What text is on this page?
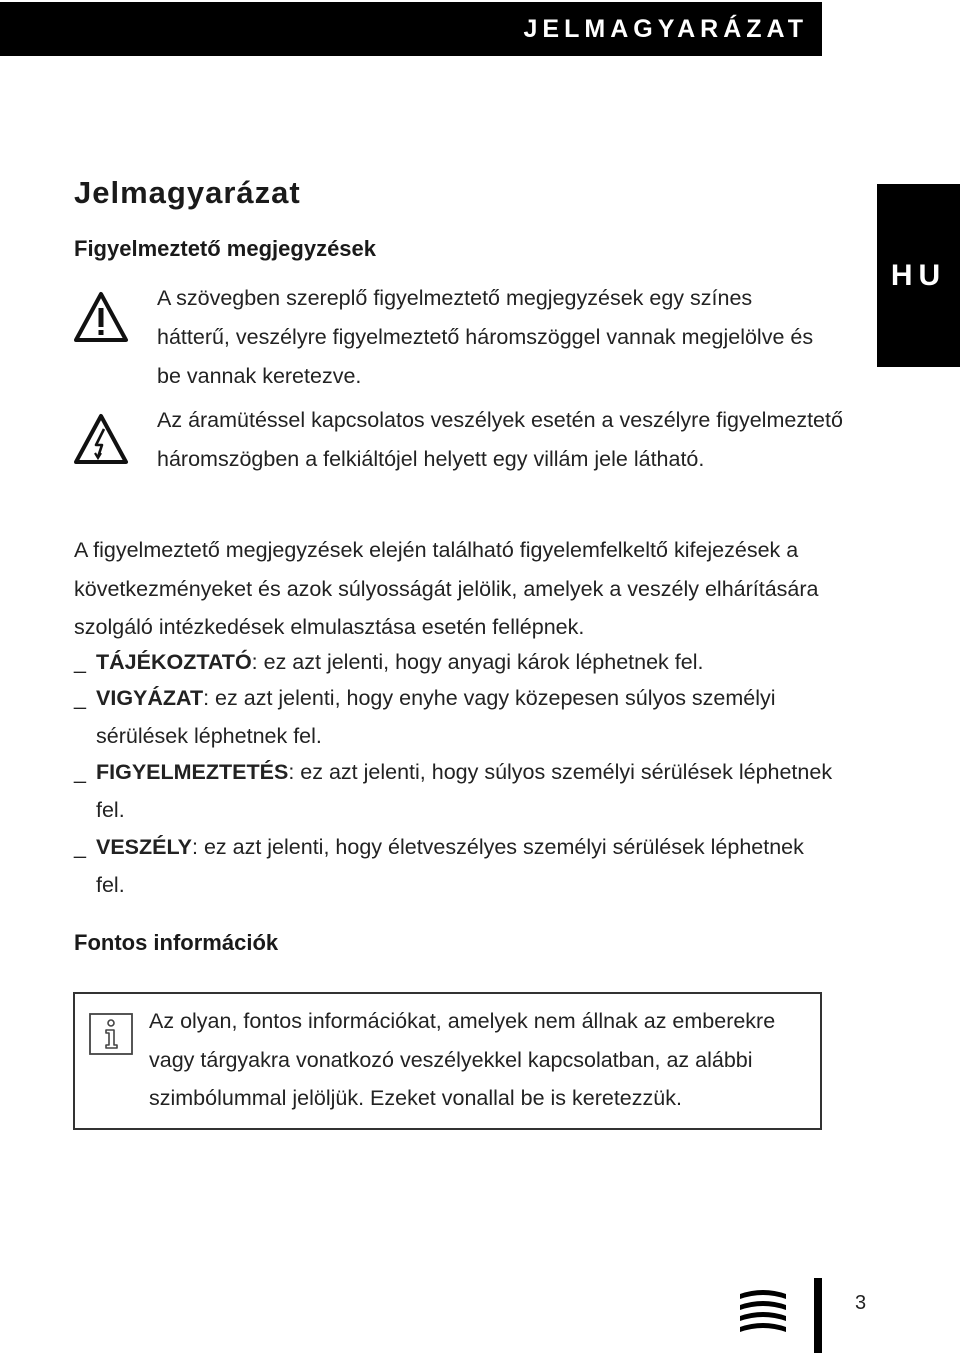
JELMAGYARÁZAT
HU
Jelmagyarázat
Figyelmeztető megjegyzések

A szövegben szereplő figyelmeztető megjegyzések egy színes hátterű, veszélyre figyelmeztető háromszöggel vannak megjelölve és be vannak keretezve.

Az áramütéssel kapcsolatos veszélyek esetén a veszélyre figyelmeztető háromszögben a felkiáltójel helyett egy villám jele látható.

A figyelmeztető megjegyzések elején található figyelemfelkeltő kifejezések a következményeket és azok súlyosságát jelölik, amelyek a veszély elhárítására szolgáló intézkedések elmulasztása esetén fellépnek.

_ TÁJÉKOZTATÓ: ez azt jelenti, hogy anyagi károk léphetnek fel.
_ VIGYÁZAT: ez azt jelenti, hogy enyhe vagy közepesen súlyos személyi sérülések léphetnek fel.
_ FIGYELMEZTETÉS: ez azt jelenti, hogy súlyos személyi sérülések léphetnek fel.
_ VESZÉLY: ez azt jelenti, hogy életveszélyes személyi sérülések léphetnek fel.
Fontos információk

Az olyan, fontos információkat, amelyek nem állnak az emberekre vagy tárgyakra vonatkozó veszélyekkel kapcsolatban, az alábbi szimbólummal jelöljük. Ezeket vonallal be is keretezzük.

3
